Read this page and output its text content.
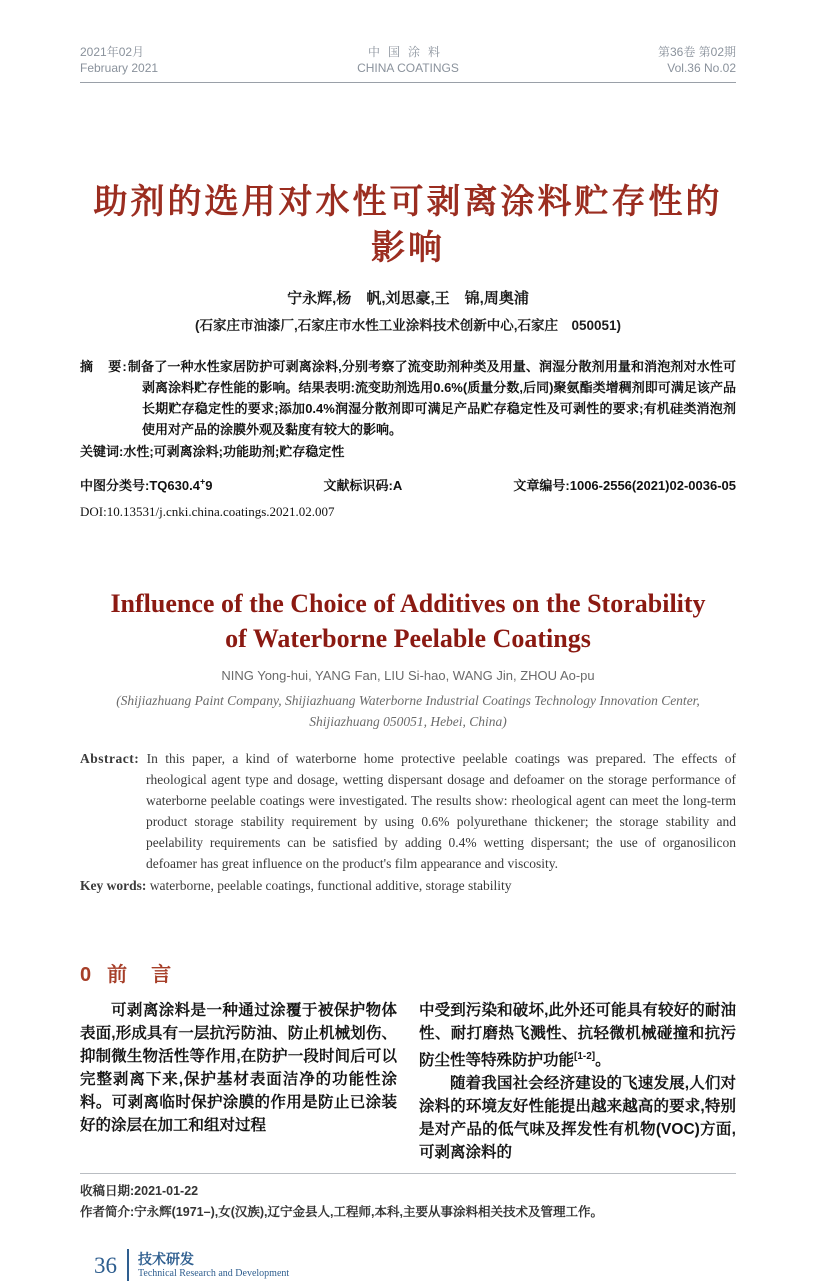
2021年02月
February 2021
中国涂料
CHINA COATINGS
第36卷 第02期
Vol.36 No.02
助剂的选用对水性可剥离涂料贮存性的影响
宁永辉,杨　帆,刘思豪,王　锦,周奥浦
(石家庄市油漆厂,石家庄市水性工业涂料技术创新中心,石家庄　050051)
摘　要:制备了一种水性家居防护可剥离涂料,分别考察了流变助剂种类及用量、润湿分散剂用量和消泡剂对水性可剥离涂料贮存性能的影响。结果表明:流变助剂选用0.6%(质量分数,后同)聚氨酯类增稠剂即可满足该产品长期贮存稳定性的要求;添加0.4%润湿分散剂即可满足产品贮存稳定性及可剥性的要求;有机硅类消泡剂使用对产品的涂膜外观及黏度有较大的影响。
关键词:水性;可剥离涂料;功能助剂;贮存稳定性
中图分类号:TQ630.4+9	文献标识码:A	文章编号:1006-2556(2021)02-0036-05
DOI:10.13531/j.cnki.china.coatings.2021.02.007
Influence of the Choice of Additives on the Storability of Waterborne Peelable Coatings
NING Yong-hui, YANG Fan, LIU Si-hao, WANG Jin, ZHOU Ao-pu
(Shijiazhuang Paint Company, Shijiazhuang Waterborne Industrial Coatings Technology Innovation Center, Shijiazhuang 050051, Hebei, China)
Abstract: In this paper, a kind of waterborne home protective peelable coatings was prepared. The effects of rheological agent type and dosage, wetting dispersant dosage and defoamer on the storage performance of waterborne peelable coatings were investigated. The results show: rheological agent can meet the long-term product storage stability requirement by using 0.6% polyurethane thickener; the storage stability and peelability requirements can be satisfied by adding 0.4% wetting dispersant; the use of organosilicon defoamer has great influence on the product's film appearance and viscosity.
Key words: waterborne, peelable coatings, functional additive, storage stability
0 前　言

可剥离涂料是一种通过涂覆于被保护物体表面,形成具有一层抗污防油、防止机械划伤、抑制微生物活性等作用,在防护一段时间后可以完整剥离下来,保护基材表面洁净的功能性涂料。可剥离临时保护涂膜的作用是防止已涂装好的涂层在加工和组对过程

中受到污染和破坏,此外还可能具有较好的耐油性、耐打磨热飞溅性、抗轻微机械碰撞和抗污防尘性等特殊防护功能[1-2]。

随着我国社会经济建设的飞速发展,人们对涂料的环境友好性能提出越来越高的要求,特别是对产品的低气味及挥发性有机物(VOC)方面,可剥离涂料的

收稿日期:2021-01-22
作者简介:宁永辉(1971–),女(汉族),辽宁金县人,工程师,本科,主要从事涂料相关技术及管理工作。
36	技术研发
Technical Research and Development
